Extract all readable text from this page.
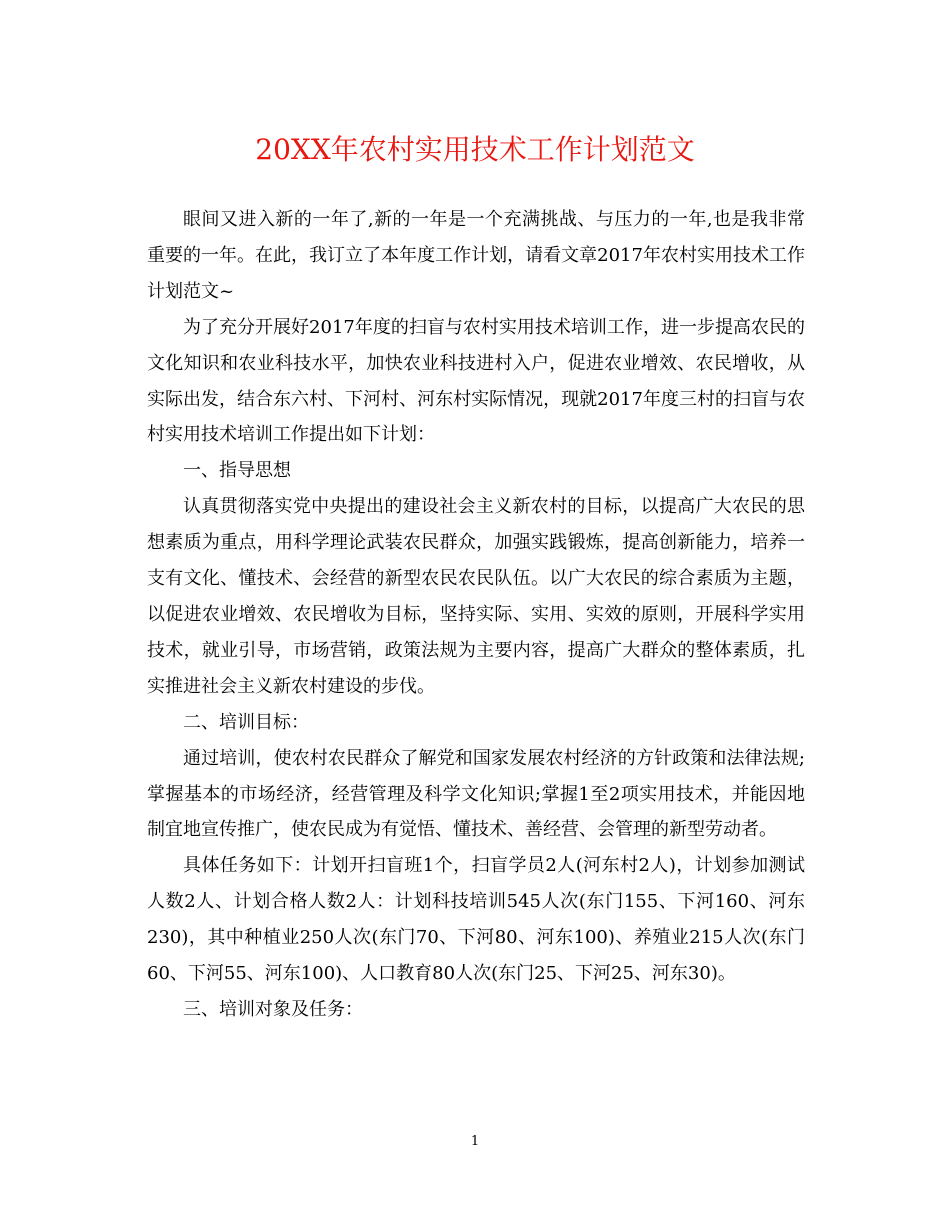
20XX年农村实用技术工作计划范文

眼间又进入新的一年了,新的一年是一个充满挑战、与压力的一年,也是我非常重要的一年。在此，我订立了本年度工作计划，请看文章2017年农村实用技术工作计划范文~

为了充分开展好2017年度的扫盲与农村实用技术培训工作，进一步提高农民的文化知识和农业科技水平，加快农业科技进村入户，促进农业增效、农民增收，从实际出发，结合东六村、下河村、河东村实际情况，现就2017年度三村的扫盲与农村实用技术培训工作提出如下计划：

一、指导思想

认真贯彻落实党中央提出的建设社会主义新农村的目标，以提高广大农民的思想素质为重点，用科学理论武装农民群众，加强实践锻炼，提高创新能力，培养一支有文化、懂技术、会经营的新型农民农民队伍。以广大农民的综合素质为主题，以促进农业增效、农民增收为目标，坚持实际、实用、实效的原则，开展科学实用技术，就业引导，市场营销，政策法规为主要内容，提高广大群众的整体素质，扎实推进社会主义新农村建设的步伐。

二、培训目标：

通过培训，使农村农民群众了解党和国家发展农村经济的方针政策和法律法规;掌握基本的市场经济，经营管理及科学文化知识;掌握1至2项实用技术，并能因地制宜地宣传推广，使农民成为有觉悟、懂技术、善经营、会管理的新型劳动者。

具体任务如下：计划开扫盲班1个，扫盲学员2人(河东村2人)，计划参加测试人数2人、计划合格人数2人：计划科技培训545人次(东门155、下河160、河东230)，其中种植业250人次(东门70、下河80、河东100)、养殖业215人次(东门60、下河55、河东100)、人口教育80人次(东门25、下河25、河东30)。

三、培训对象及任务：

1
